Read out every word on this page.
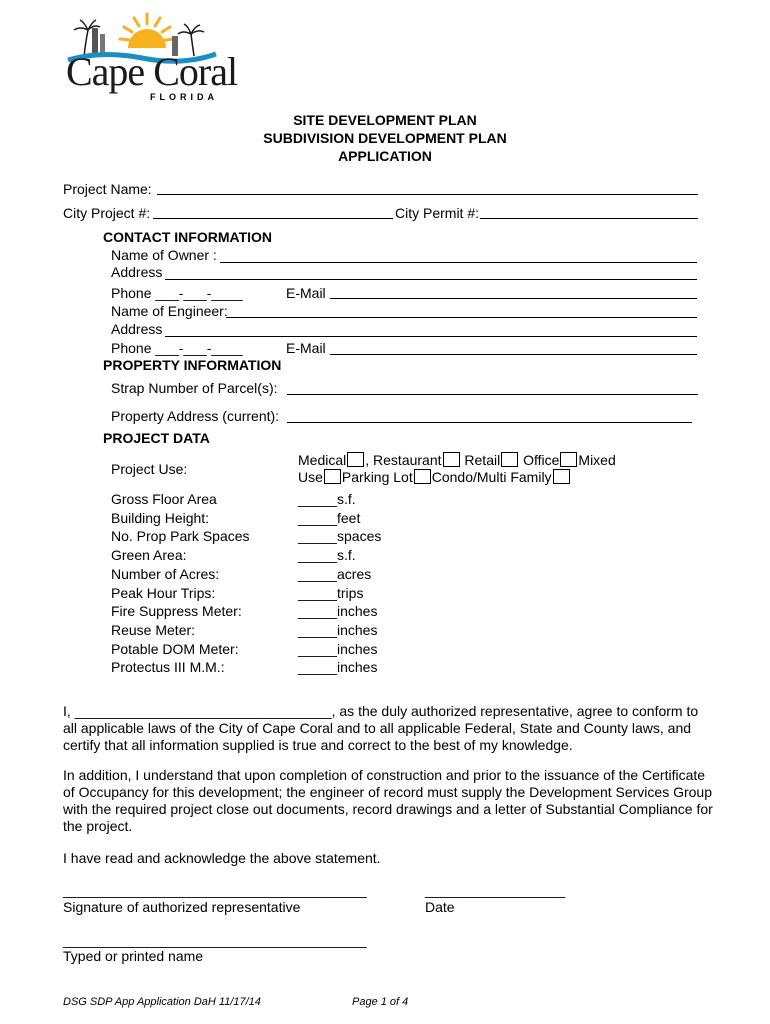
Cape Coral
FLORIDA
SITE DEVELOPMENT PLAN
SUBDIVISION DEVELOPMENT PLAN
APPLICATION
Project Name:
City Project #:	City Permit #:
CONTACT INFORMATION
Name of Owner :
Address
Phone ___-___-____	E-Mail
Name of Engineer:
Address
Phone ___-___-____	E-Mail
PROPERTY INFORMATION
Strap Number of Parcel(s):
Property Address (current):
PROJECT DATA
Project Use:
Medical , Restaurant Retail Office Mixed
Use Parking Lot Condo/Multi Family
Gross Floor Area	_____ s.f.
Building Height:	_____ feet
No. Prop Park Spaces	_____ spaces
Green Area:	_____ s.f.
Number of Acres:	_____ acres
Peak Hour Trips:	_____ trips
Fire Suppress Meter:	_____ inches
Reuse Meter:	_____ inches
Potable DOM Meter:	_____ inches
Protectus III M.M.:	_____ inches
I, _________________________________, as the duly authorized representative, agree to conform to all applicable laws of the City of Cape Coral and to all applicable Federal, State and County laws, and certify that all information supplied is true and correct to the best of my knowledge.
In addition, I understand that upon completion of construction and prior to the issuance of the Certificate of Occupancy for this development; the engineer of record must supply the Development Services Group with the required project close out documents, record drawings and a letter of Substantial Compliance for the project.
I have read and acknowledge the above statement.
_______________________________________
Signature of authorized representative
__________________
Date
_______________________________________
Typed or printed name
DSG SDP App Application DaH 11/17/14	Page 1 of 4
